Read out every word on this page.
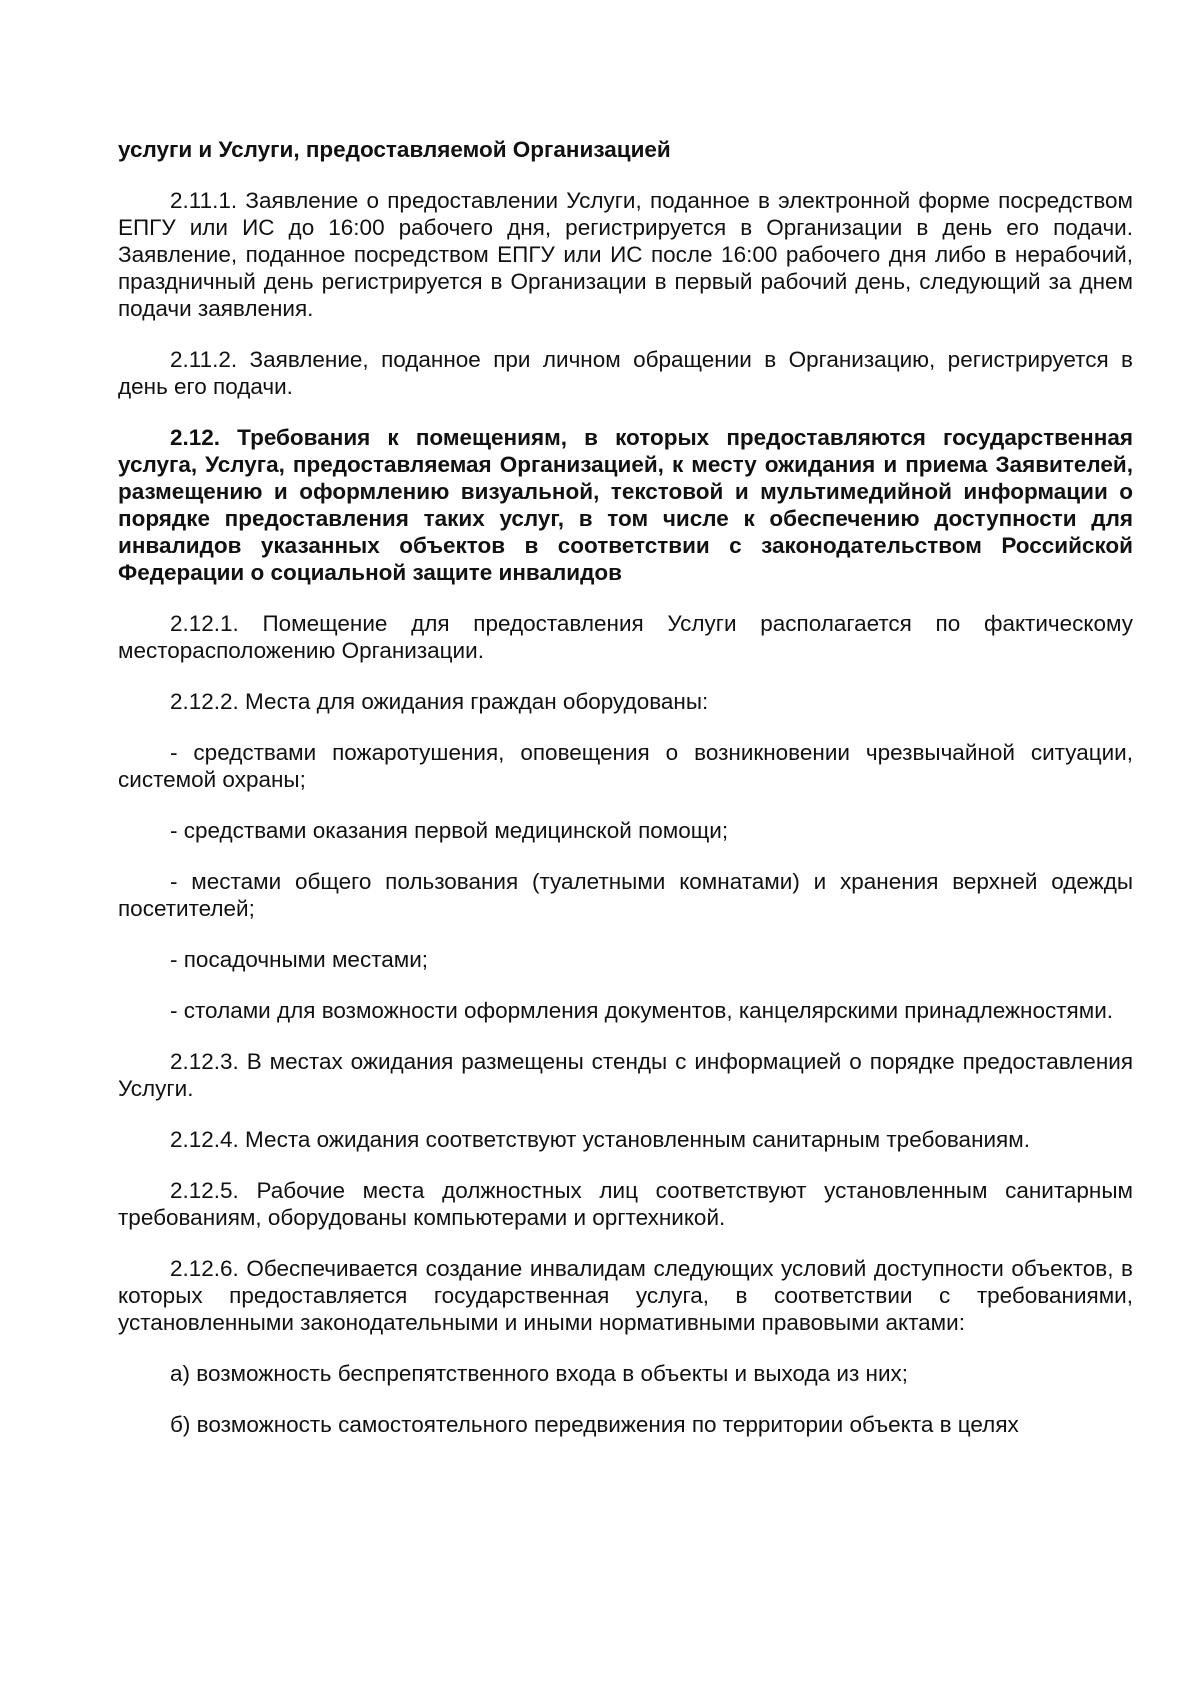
услуги и Услуги, предоставляемой Организацией

2.11.1. Заявление о предоставлении Услуги, поданное в электронной форме посредством ЕПГУ или ИС до 16:00 рабочего дня, регистрируется в Организации в день его подачи. Заявление, поданное посредством ЕПГУ или ИС после 16:00 рабочего дня либо в нерабочий, праздничный день регистрируется в Организации в первый рабочий день, следующий за днем подачи заявления.

2.11.2. Заявление, поданное при личном обращении в Организацию, регистрируется в день его подачи.

2.12. Требования к помещениям, в которых предоставляются государственная услуга, Услуга, предоставляемая Организацией, к месту ожидания и приема Заявителей, размещению и оформлению визуальной, текстовой и мультимедийной информации о порядке предоставления таких услуг, в том числе к обеспечению доступности для инвалидов указанных объектов в соответствии с законодательством Российской Федерации о социальной защите инвалидов

2.12.1. Помещение для предоставления Услуги располагается по фактическому месторасположению Организации.

2.12.2. Места для ожидания граждан оборудованы:

- средствами пожаротушения, оповещения о возникновении чрезвычайной ситуации, системой охраны;

- средствами оказания первой медицинской помощи;

- местами общего пользования (туалетными комнатами) и хранения верхней одежды посетителей;

- посадочными местами;

- столами для возможности оформления документов, канцелярскими принадлежностями.

2.12.3. В местах ожидания размещены стенды с информацией о порядке предоставления Услуги.

2.12.4. Места ожидания соответствуют установленным санитарным требованиям.

2.12.5. Рабочие места должностных лиц соответствуют установленным санитарным требованиям, оборудованы компьютерами и оргтехникой.

2.12.6. Обеспечивается создание инвалидам следующих условий доступности объектов, в которых предоставляется государственная услуга, в соответствии с требованиями, установленными законодательными и иными нормативными правовыми актами:

а) возможность беспрепятственного входа в объекты и выхода из них;

б) возможность самостоятельного передвижения по территории объекта в целях
